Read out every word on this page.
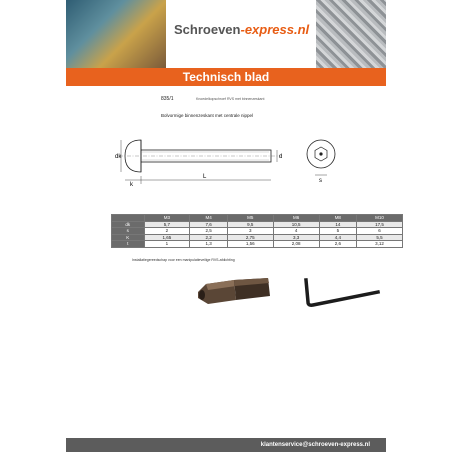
Schroeven-express.nl
Technisch blad
835/1	Knoedelkopschroef RVS met binnenzeskant
Bolvormige binnenzeskant met centrale nippel
dk	d
k
L
s
	M3	M4	M5	M6	M8	M10
dk	5,7	7,6	9,5	10,5	14	17,5
s	2	2,5	3	4	5	6
K	1,65	2,2	2,75	3,3	4,4	5,5
t	1	1,3	1,56	2,08	2,6	3,12
Installatiegereedschap voor een manipulatieveilige RVS-afdichting
klantenservice@schroeven-express.nl
